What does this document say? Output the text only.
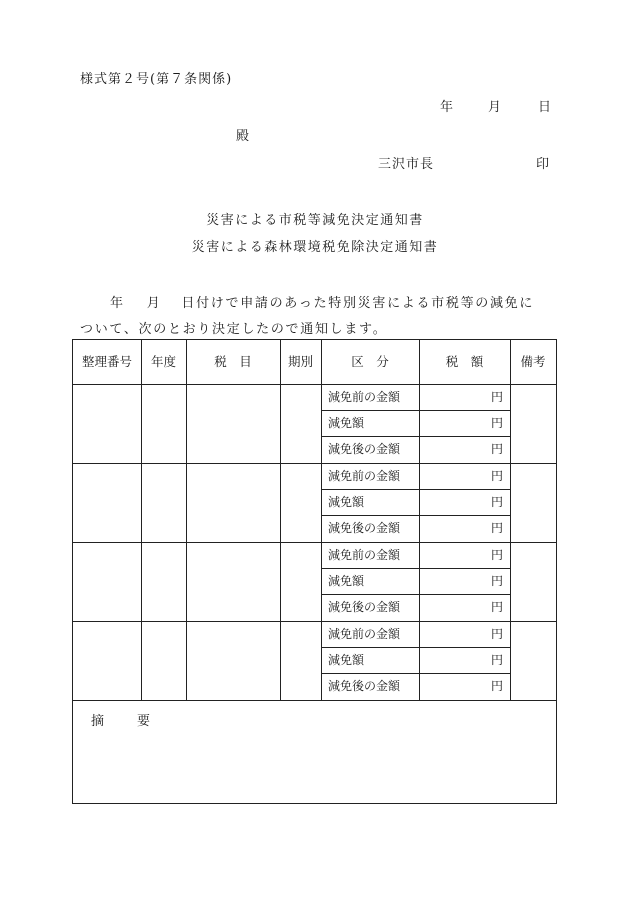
様式第２号(第７条関係)
年	月	日
殿
三沢市長	印
災害による市税等減免決定通知書
災害による森林環境税免除決定通知書
年 月 日付けで申請のあった特別災害による市税等の減免に
ついて、次のとおり決定したので通知します。
整理番号	年度	税　目	期別	区　分	税　額	備考
減免前の金額	円
減免額	円
減免後の金額	円
減免前の金額	円
減免額	円
減免後の金額	円
減免前の金額	円
減免額	円
減免後の金額	円
減免前の金額	円
減免額	円
減免後の金額	円
摘　要
